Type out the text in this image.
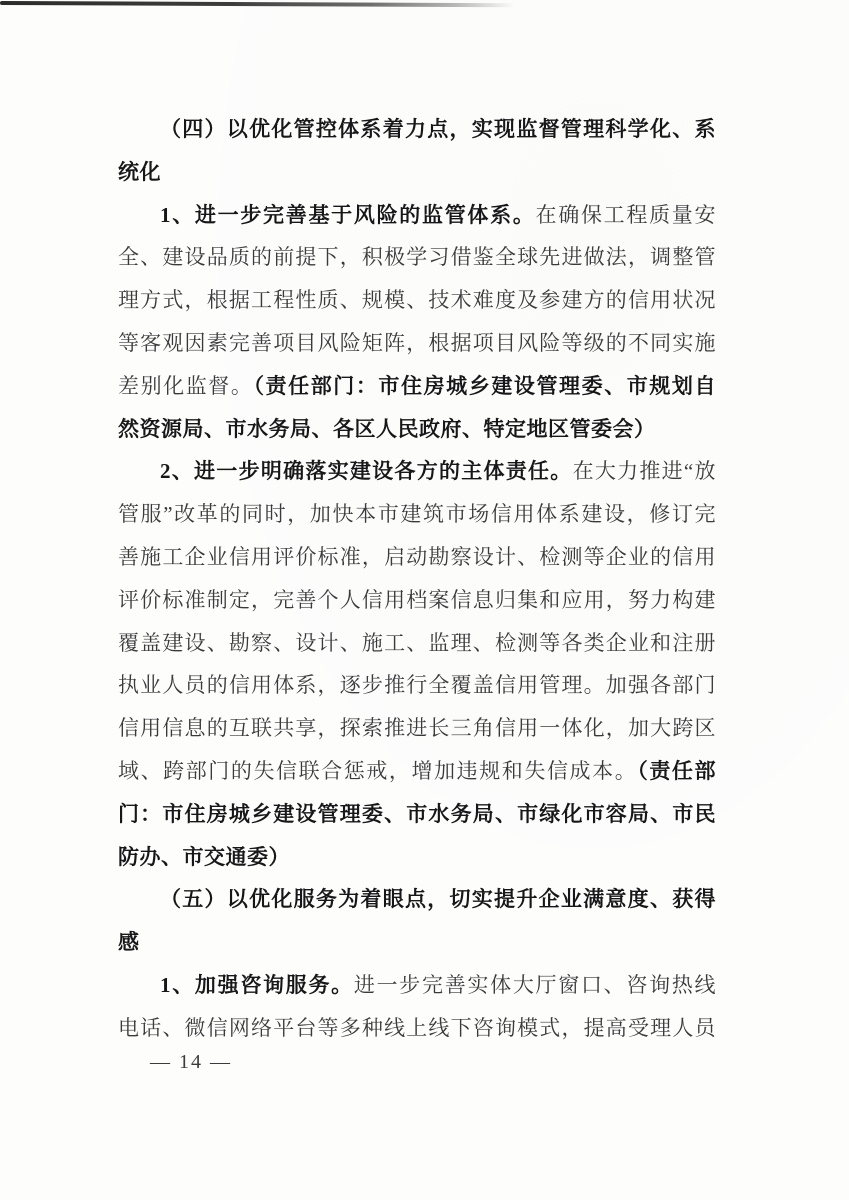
（四）以优化管控体系着力点，实现监督管理科学化、系
统化
1、进一步完善基于风险的监管体系。在确保工程质量安
全、建设品质的前提下，积极学习借鉴全球先进做法，调整管
理方式，根据工程性质、规模、技术难度及参建方的信用状况
等客观因素完善项目风险矩阵，根据项目风险等级的不同实施
差别化监督。（责任部门：市住房城乡建设管理委、市规划自
然资源局、市水务局、各区人民政府、特定地区管委会）
2、进一步明确落实建设各方的主体责任。在大力推进“放
管服”改革的同时，加快本市建筑市场信用体系建设，修订完
善施工企业信用评价标准，启动勘察设计、检测等企业的信用
评价标准制定，完善个人信用档案信息归集和应用，努力构建
覆盖建设、勘察、设计、施工、监理、检测等各类企业和注册
执业人员的信用体系，逐步推行全覆盖信用管理。加强各部门
信用信息的互联共享，探索推进长三角信用一体化，加大跨区
域、跨部门的失信联合惩戒，增加违规和失信成本。（责任部
门：市住房城乡建设管理委、市水务局、市绿化市容局、市民
防办、市交通委）
（五）以优化服务为着眼点，切实提升企业满意度、获得
感
1、加强咨询服务。进一步完善实体大厅窗口、咨询热线
电话、微信网络平台等多种线上线下咨询模式，提高受理人员
— 14 —
